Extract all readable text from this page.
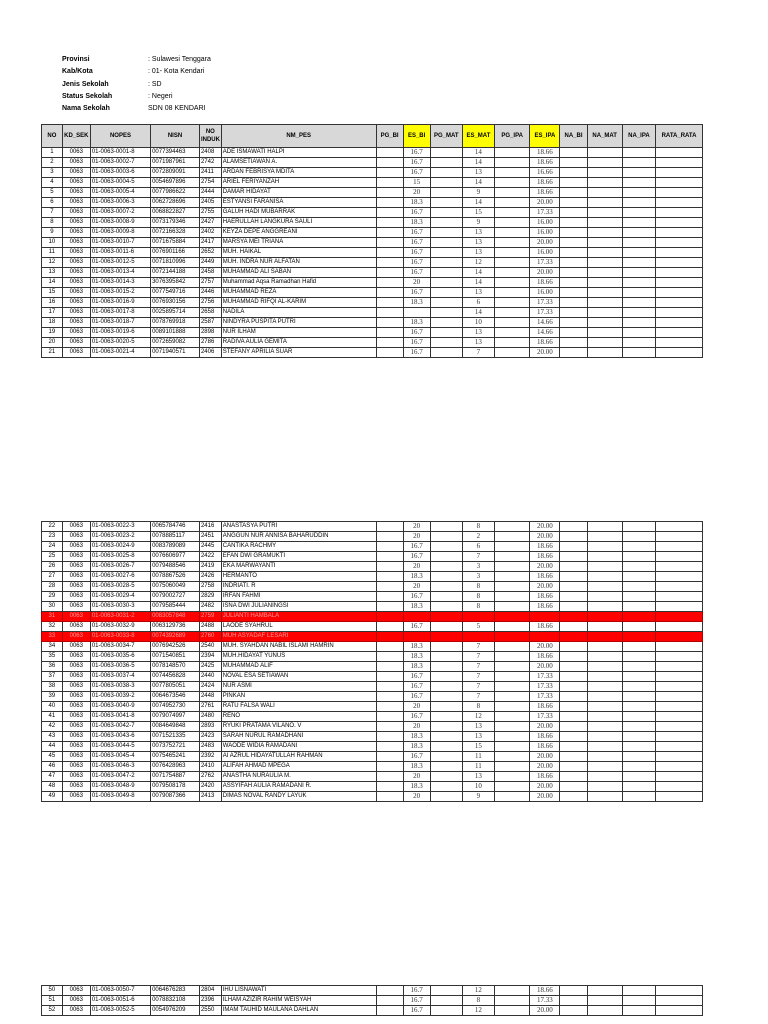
Provinsi	: Sulawesi Tenggara
Kab/Kota	: 01- Kota Kendari
Jenis Sekolah	: SD
Status Sekolah	: Negeri
Nama Sekolah	SDN 08 KENDARI
NO	KD_SEK	NOPES	NISN	NO INDUK	NM_PES	PG_BI	ES_BI	PG_MAT	ES_MAT	PG_IPA	ES_IPA	NA_BI	NA_MAT	NA_IPA	RATA_RATA
1	0063	01-0063-0001-8	0077394463	2408	ADE ISMAWATI HALPI		16.7		14		18.66				
2	0063	01-0063-0002-7	0071987961	2742	ALAMSETIAWAN A.		16.7		14		18.66				
3	0063	01-0063-0003-6	0072809091	2411	ARDAN FEBRISYA MDITA		16.7		13		16.66				
4	0063	01-0063-0004-5	0054697896	2754	ARIEL FERIYANZAH		15		14		18.66				
5	0063	01-0063-0005-4	0077986622	2444	DAMAR HIDAYAT		20		9		18.66				
6	0063	01-0063-0006-3	0062728696	2405	ESTYANSI FARANISA		18.3		14		20.00				
7	0063	01-0063-0007-2	0068822827	2755	GALUH HADI MUBARRAK		16.7		15		17.33				
8	0063	01-0063-0008-9	0073179346	2427	HAERULLAH LANGKURA SAULI		18.3		9		16.00				
9	0063	01-0063-0009-8	0072166328	2402	KEYZA DEPE ANGGREANI		16.7		13		16.00				
10	0063	01-0063-0010-7	0071675884	2417	MARSYA MEI TRIANA		16.7		13		20.00				
11	0063	01-0063-0011-6	0076901166	2652	MUH. HAIKAL		16.7		13		16.00				
12	0063	01-0063-0012-5	0071810996	2449	MUH. INDRA NUR ALFATAN		16.7		12		17.33				
13	0063	01-0063-0013-4	0072144188	2458	MUHAMMAD ALI SABAN		16.7		14		20.00				
14	0063	01-0063-0014-3	3076395842	2757	Muhammad Aqsa Ramadhan Hafid		20		14		18.66				
15	0063	01-0063-0015-2	0077549716	2446	MUHAMMAD REZA		16.7		13		16.00				
16	0063	01-0063-0016-9	0076930156	2756	MUHAMMAD RIFQI AL-KARIM		18.3		6		17.33				
17	0063	01-0063-0017-8	0025895714	2658	NADILA				14		17.33				
18	0063	01-0063-0018-7	0078769918	2587	NINDYRA PUSPITA PUTRI		18.3		10		14.66				
19	0063	01-0063-0019-6	0089101888	2898	NUR ILHAM		16.7		13		14.66				
20	0063	01-0063-0020-5	0072659082	2786	RADIVA AULIA GEMITA		16.7		13		18.66				
21	0063	01-0063-0021-4	0071940571	2406	STEFANY APRILIA SUAR		16.7		7		20.00				
22	0063	01-0063-0022-3	0065784746	2416	ANASTASYA PUTRI		20		8		20.00				
23	0063	01-0063-0023-2	0078885117	2451	ANGGUN NUR ANNISA BAHARUDDIN		20		2		20.00				
24	0063	01-0063-0024-9	0083789089	2445	CANTIKA RACHMY		16.7		6		18.66				
25	0063	01-0063-0025-8	0076606977	2422	EFAN DWI GRAMUKTI		16.7		7		18.66				
26	0063	01-0063-0026-7	0079488546	2419	EKA MARWAYANTI		20		3		20.00				
27	0063	01-0063-0027-6	0078867526	2426	HERMANTO		18.3		3		18.66				
28	0063	01-0063-0028-5	0075060049	2758	INDRIATI. R		20		8		20.00				
29	0063	01-0063-0029-4	0079002727	2829	IRFAN FAHMI		16.7		8		18.66				
30	0063	01-0063-0030-3	0079585444	2482	ISNA DWI JULIANINGSI		18.3		8		18.66				
31	0063	01-0063-0031-2	0083057848	2759	JULIANTI HAMBALA										
32	0063	01-0063-0032-9	0063129736	2488	LAODE SYAHRUL		16.7		5		18.66				
33	0063	01-0063-0033-8	0074392689	2760	MUH ASYADAF LESARI										
34	0063	01-0063-0034-7	0076942526	2540	MUH. SYAHDAN NABIL ISLAMI HAMRIN		18.3		7		20.00				
35	0063	01-0063-0035-6	0071540851	2394	MUH.HIDAYAT YUNUS		18.3		7		18.66				
36	0063	01-0063-0036-5	0078148570	2425	MUHAMMAD ALIF		18.3		7		20.00				
37	0063	01-0063-0037-4	0074456828	2440	NOVAL ESA SETIAWAN		16.7		7		17.33				
38	0063	01-0063-0038-3	0077805051	2424	NUR ASMI		16.7		7		17.33				
39	0063	01-0063-0039-2	0064673546	2448	PINKAN		16.7		7		17.33				
40	0063	01-0063-0040-9	0074952730	2761	RATU FALSA WALI		20		8		18.66				
41	0063	01-0063-0041-8	0079074997	2480	RENO		16.7		12		17.33				
42	0063	01-0063-0042-7	0084649848	2893	RYUKI PRATAMA VILANO. V		20		13		20.00				
43	0063	01-0063-0043-6	0071521335	2423	SARAH NURUL RAMADHANI		18.3		13		18.66				
44	0063	01-0063-0044-5	0073752721	2483	WAODE WIDIA RAMADANI		18.3		15		18.66				
45	0063	01-0063-0045-4	0075465241	2392	AI AZRUL HIDAYATULLAH RAHMAN		16.7		11		20.00				
46	0063	01-0063-0046-3	0076428963	2410	ALIFAH AHMAD MPEGA		18.3		11		20.00				
47	0063	01-0063-0047-2	0071754887	2762	ANASTHA NURAULIA M.		20		13		18.66				
48	0063	01-0063-0048-9	0079508178	2420	ASSYIFAH AULIA RAMADANI R.		18.3		10		20.00				
49	0063	01-0063-0049-8	0079087366	2413	DIMAS NOVAL RANDY LAYUK		20		9		20.00				
50	0063	01-0063-0050-7	0064676283	2804	IHU LISNAWATI		16.7		12		18.66				
51	0063	01-0063-0051-6	0078832108	2396	ILHAM AZIZIR RAHIM WEISYAH		16.7		8		17.33				
52	0063	01-0063-0052-5	0054976209	2550	IMAM TAUHID MAULANA DAHLAN		16.7		12		20.00				
